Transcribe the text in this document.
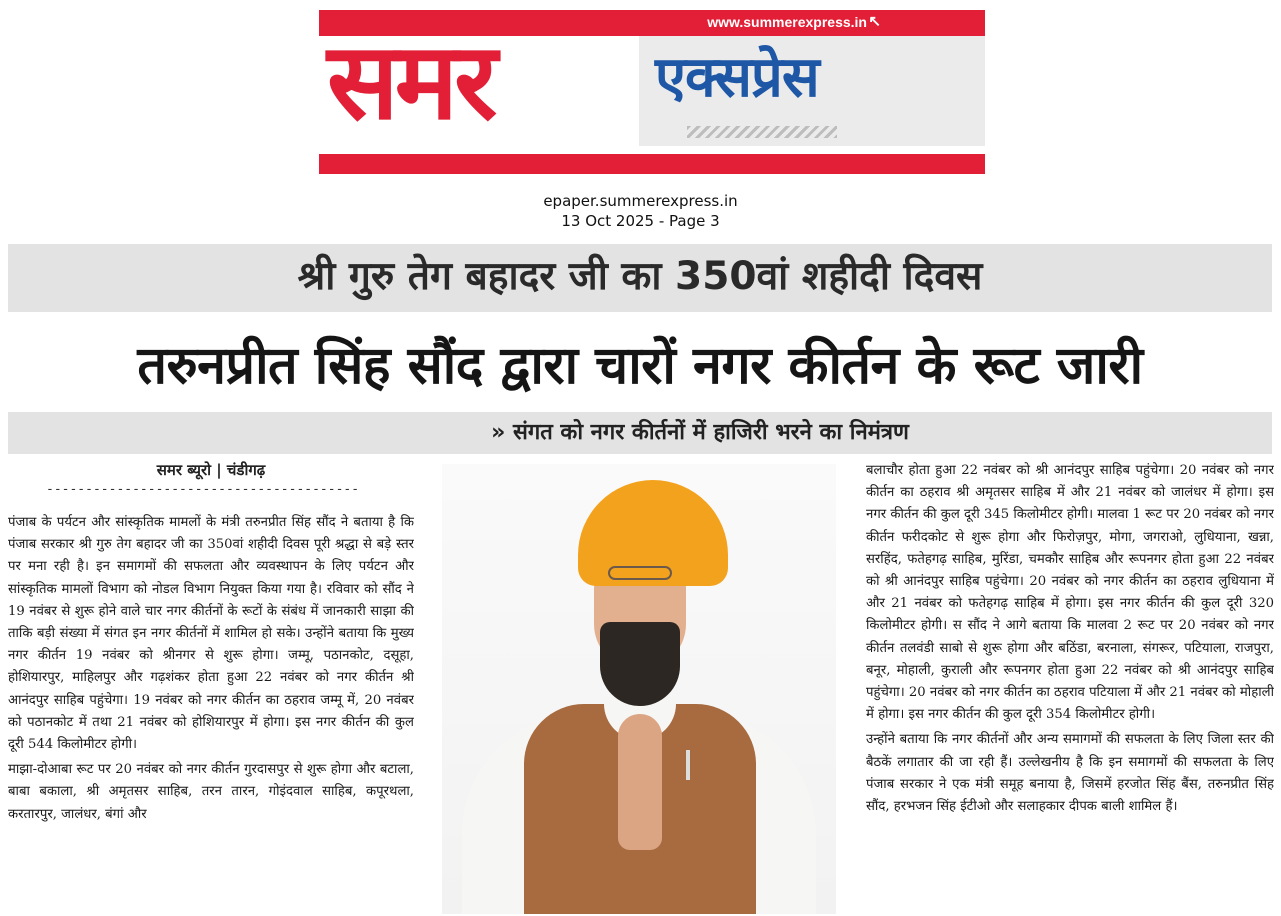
www.summerexpress.in ↖
समर	एक्सप्रेस
epaper.summerexpress.in
13 Oct 2025 - Page 3
श्री गुरु तेग बहादर जी का 350वां शहीदी दिवस
तरुनप्रीत सिंह सौंद द्वारा चारों नगर कीर्तन के रूट जारी
» संगत को नगर कीर्तनों में हाजिरी भरने का निमंत्रण
समर ब्यूरो | चंडीगढ़
----------------------------------------

पंजाब के पर्यटन और सांस्कृतिक मामलों के मंत्री तरुनप्रीत सिंह सौंद ने बताया है कि पंजाब सरकार श्री गुरु तेग बहादर जी का 350वां शहीदी दिवस पूरी श्रद्धा से बड़े स्तर पर मना रही है। इन समागमों की सफलता और व्यवस्थापन के लिए पर्यटन और सांस्कृतिक मामलों विभाग को नोडल विभाग नियुक्त किया गया है। रविवार को सौंद ने 19 नवंबर से शुरू होने वाले चार नगर कीर्तनों के रूटों के संबंध में जानकारी साझा की ताकि बड़ी संख्या में संगत इन नगर कीर्तनों में शामिल हो सके। उन्होंने बताया कि मुख्य नगर कीर्तन 19 नवंबर को श्रीनगर से शुरू होगा। जम्मू, पठानकोट, दसूहा, होशियारपुर, माहिलपुर और गढ़शंकर होता हुआ 22 नवंबर को नगर कीर्तन श्री आनंदपुर साहिब पहुंचेगा। 19 नवंबर को नगर कीर्तन का ठहराव जम्मू में, 20 नवंबर को पठानकोट में तथा 21 नवंबर को होशियारपुर में होगा। इस नगर कीर्तन की कुल दूरी 544 किलोमीटर होगी।

माझा-दोआबा रूट पर 20 नवंबर को नगर कीर्तन गुरदासपुर से शुरू होगा और बटाला, बाबा बकाला, श्री अमृतसर साहिब, तरन तारन, गोइंदवाल साहिब, कपूरथला, करतारपुर, जालंधर, बंगां और

बलाचौर होता हुआ 22 नवंबर को श्री आनंदपुर साहिब पहुंचेगा। 20 नवंबर को नगर कीर्तन का ठहराव श्री अमृतसर साहिब में और 21 नवंबर को जालंधर में होगा। इस नगर कीर्तन की कुल दूरी 345 किलोमीटर होगी। मालवा 1 रूट पर 20 नवंबर को नगर कीर्तन फरीदकोट से शुरू होगा और फिरोज़पुर, मोगा, जगराओ, लुधियाना, खन्ना, सरहिंद, फतेहगढ़ साहिब, मुरिंडा, चमकौर साहिब और रूपनगर होता हुआ 22 नवंबर को श्री आनंदपुर साहिब पहुंचेगा। 20 नवंबर को नगर कीर्तन का ठहराव लुधियाना में और 21 नवंबर को फतेहगढ़ साहिब में होगा। इस नगर कीर्तन की कुल दूरी 320 किलोमीटर होगी। स सौंद ने आगे बताया कि मालवा 2 रूट पर 20 नवंबर को नगर कीर्तन तलवंडी साबो से शुरू होगा और बठिंडा, बरनाला, संगरूर, पटियाला, राजपुरा, बनूर, मोहाली, कुराली और रूपनगर होता हुआ 22 नवंबर को श्री आनंदपुर साहिब पहुंचेगा। 20 नवंबर को नगर कीर्तन का ठहराव पटियाला में और 21 नवंबर को मोहाली में होगा। इस नगर कीर्तन की कुल दूरी 354 किलोमीटर होगी।

उन्होंने बताया कि नगर कीर्तनों और अन्य समागमों की सफलता के लिए जिला स्तर की बैठकें लगातार की जा रही हैं। उल्लेखनीय है कि इन समागमों की सफलता के लिए पंजाब सरकार ने एक मंत्री समूह बनाया है, जिसमें हरजोत सिंह बैंस, तरुनप्रीत सिंह सौंद, हरभजन सिंह ईटीओ और सलाहकार दीपक बाली शामिल हैं।
